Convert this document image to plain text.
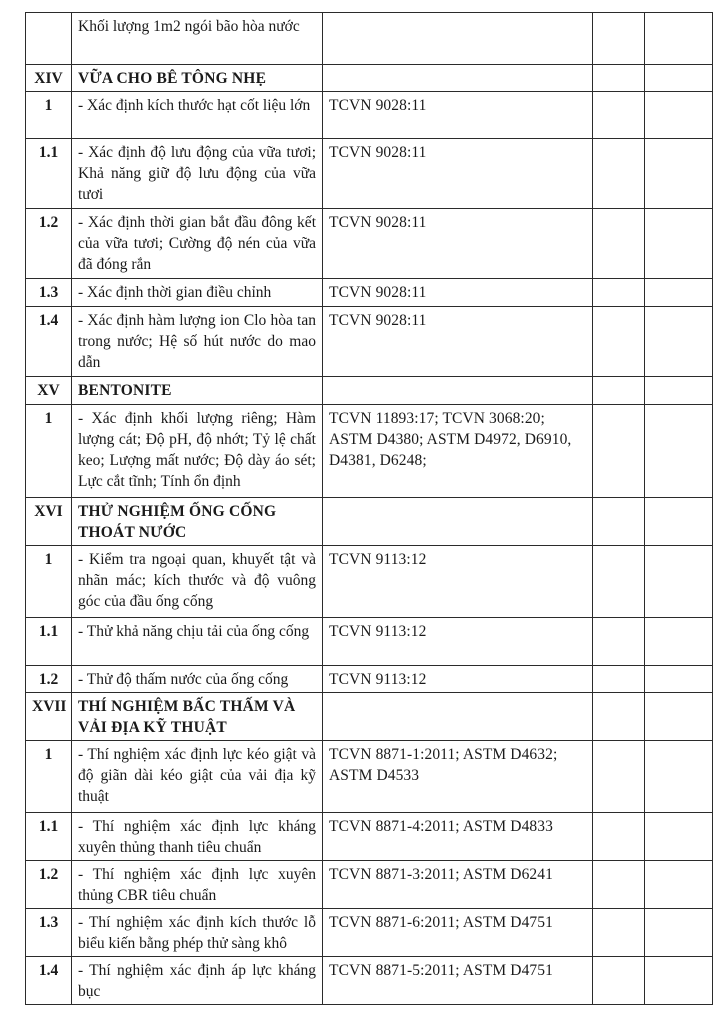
	Khối lượng 1m2 ngói bão hòa nước			
XIV	VỮA CHO BÊ TÔNG NHẸ			
1	- Xác định kích thước hạt cốt liệu lớn	TCVN 9028:11		
1.1	- Xác định độ lưu động của vữa tươi; Khả năng giữ độ lưu động của vữa tươi	TCVN 9028:11		
1.2	- Xác định thời gian bắt đầu đông kết của vữa tươi; Cường độ nén của vữa đã đóng rắn	TCVN 9028:11		
1.3	- Xác định thời gian điều chỉnh	TCVN 9028:11		
1.4	- Xác định hàm lượng ion Clo hòa tan trong nước; Hệ số hút nước do mao dẫn	TCVN 9028:11		
XV	BENTONITE			
1	- Xác định khối lượng riêng; Hàm lượng cát; Độ pH, độ nhớt; Tỷ lệ chất keo; Lượng mất nước; Độ dày áo sét; Lực cắt tĩnh; Tính ổn định	TCVN 11893:17; TCVN 3068:20; ASTM D4380; ASTM D4972, D6910, D4381, D6248;		
XVI	THỬ NGHIỆM ỐNG CỐNG THOÁT NƯỚC			
1	- Kiểm tra ngoại quan, khuyết tật và nhãn mác; kích thước và độ vuông góc của đầu ống cống	TCVN 9113:12		
1.1	- Thử khả năng chịu tải của ống cống	TCVN 9113:12		
1.2	- Thử độ thấm nước của ống cống	TCVN 9113:12		
XVII	THÍ NGHIỆM BẤC THẤM VÀ VẢI ĐỊA KỸ THUẬT			
1	- Thí nghiệm xác định lực kéo giật và độ giãn dài kéo giật của vải địa kỹ thuật	TCVN 8871-1:2011; ASTM D4632; ASTM D4533		
1.1	- Thí nghiệm xác định lực kháng xuyên thủng thanh tiêu chuẩn	TCVN 8871-4:2011; ASTM D4833		
1.2	- Thí nghiệm xác định lực xuyên thủng CBR tiêu chuẩn	TCVN 8871-3:2011; ASTM D6241		
1.3	- Thí nghiệm xác định kích thước lỗ biểu kiến bằng phép thử sàng khô	TCVN 8871-6:2011; ASTM D4751		
1.4	- Thí nghiệm xác định áp lực kháng bục	TCVN 8871-5:2011; ASTM D4751		
